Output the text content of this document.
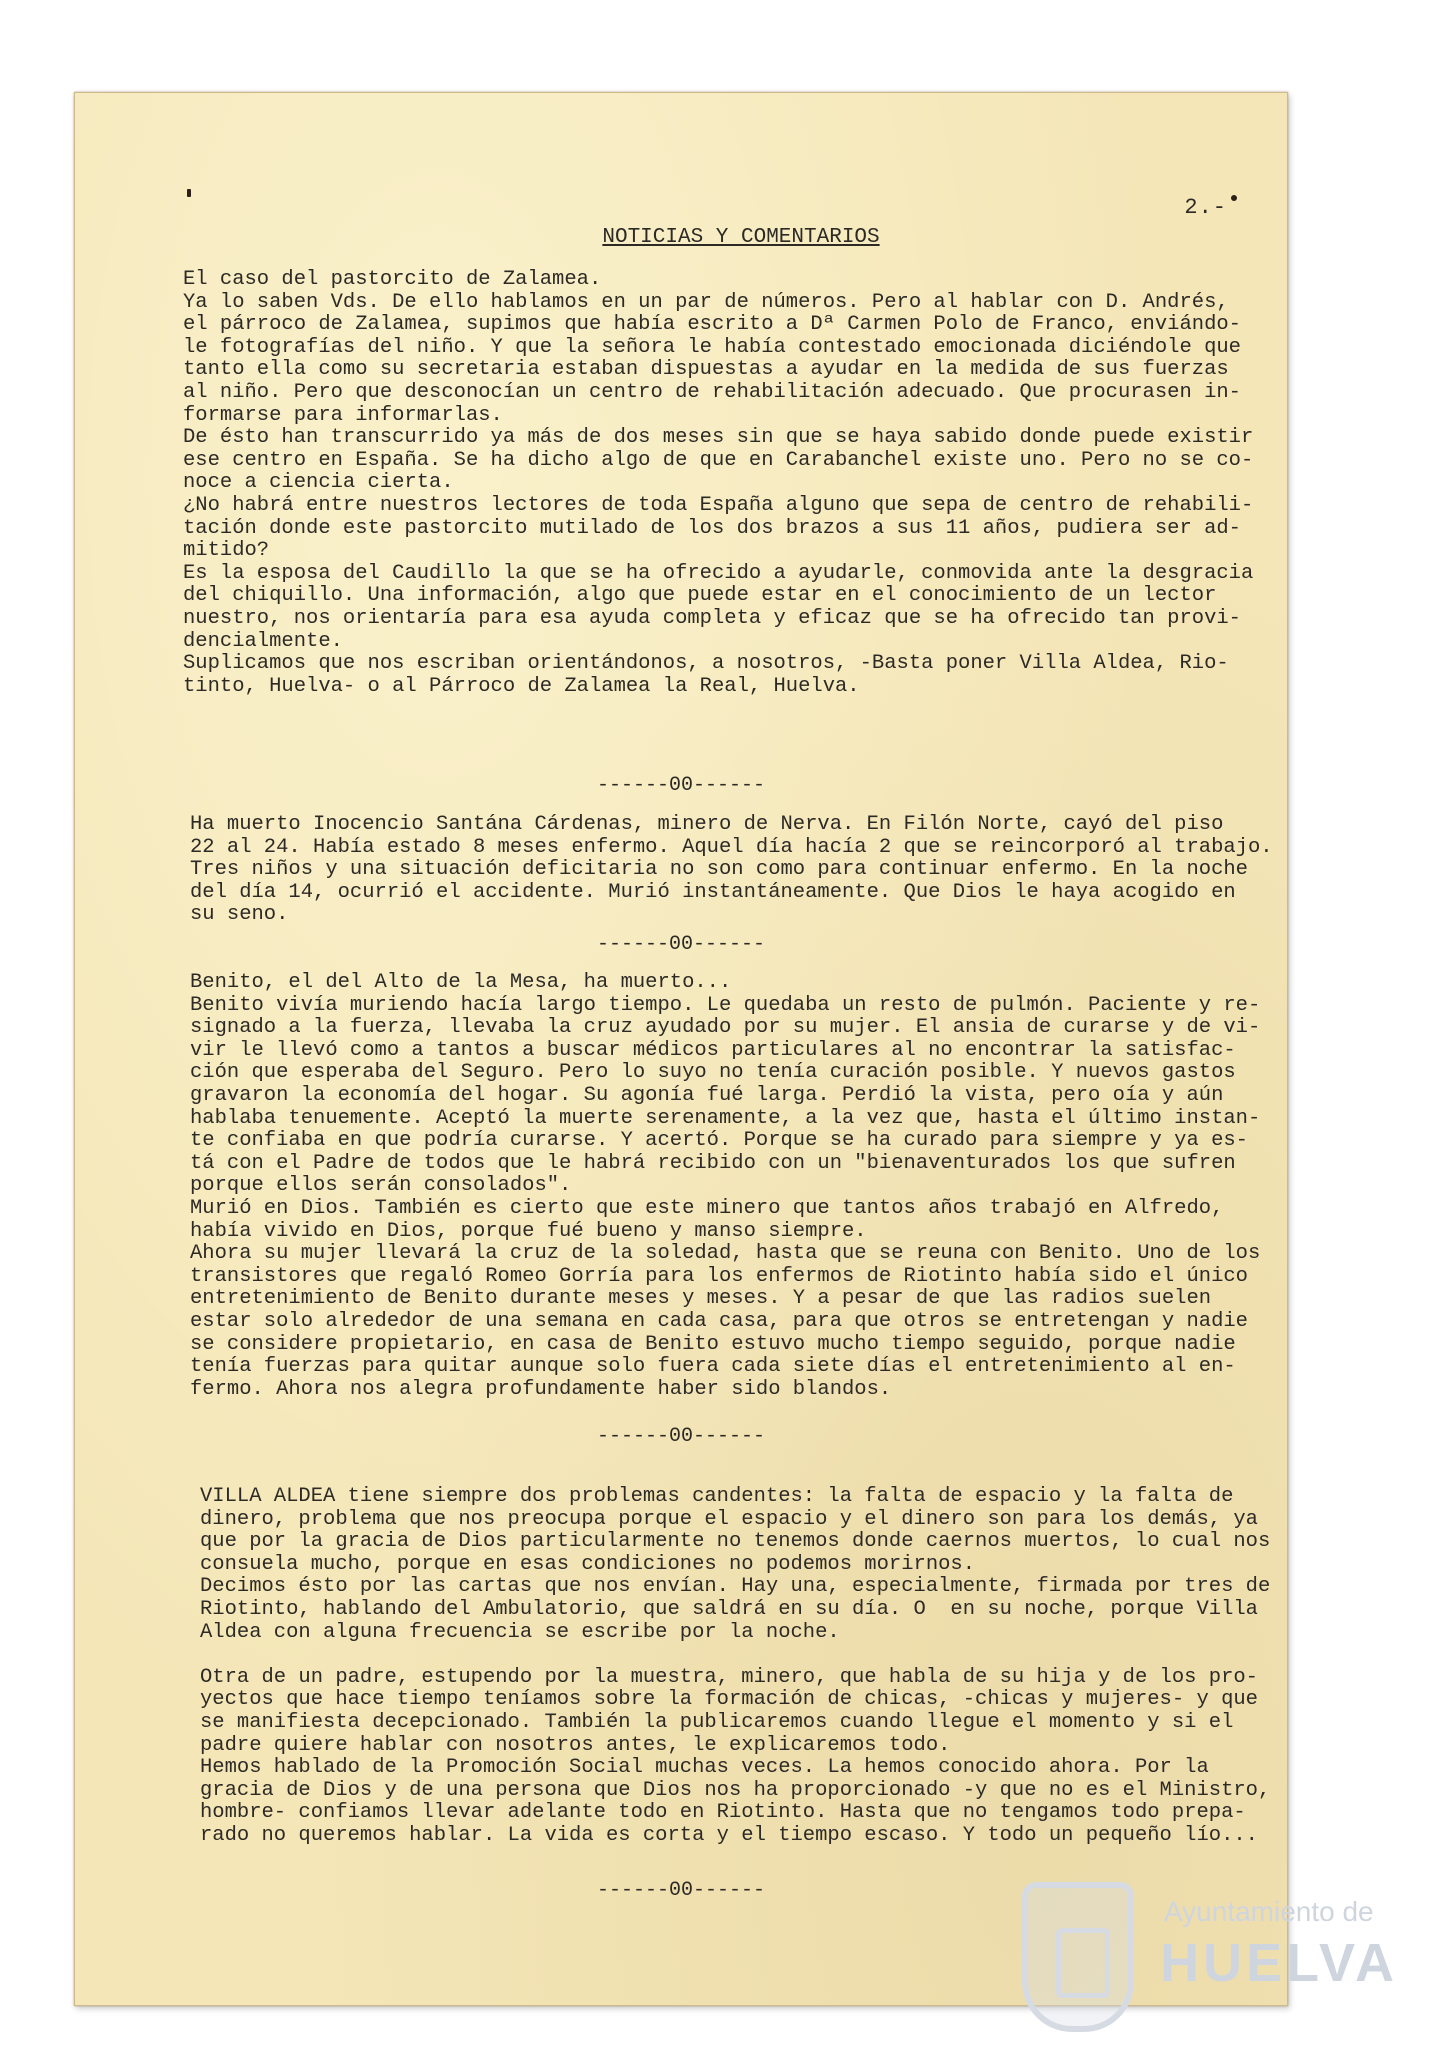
2.-
NOTICIAS Y COMENTARIOS

El caso del pastorcito de Zalamea.

Ya lo saben Vds. De ello hablamos en un par de números. Pero al hablar con D. Andrés,

el párroco de Zalamea, supimos que había escrito a Dª Carmen Polo de Franco, enviándo-

le fotografías del niño. Y que la señora le había contestado emocionada diciéndole que

tanto ella como su secretaria estaban dispuestas a ayudar en la medida de sus fuerzas

al niño. Pero que desconocían un centro de rehabilitación adecuado. Que procurasen in-

formarse para informarlas.

De ésto han transcurrido ya más de dos meses sin que se haya sabido donde puede existir

ese centro en España. Se ha dicho algo de que en Carabanchel existe uno. Pero no se co-

noce a ciencia cierta.

¿No habrá entre nuestros lectores de toda España alguno que sepa de centro de rehabili-

tación donde este pastorcito mutilado de los dos brazos a sus 11 años, pudiera ser ad-

mitido?

Es la esposa del Caudillo la que se ha ofrecido a ayudarle, conmovida ante la desgracia

del chiquillo. Una información, algo que puede estar en el conocimiento de un lector

nuestro, nos orientaría para esa ayuda completa y eficaz que se ha ofrecido tan provi-

dencialmente.

Suplicamos que nos escriban orientándonos, a nosotros, -Basta poner Villa Aldea, Rio-

tinto, Huelva- o al Párroco de Zalamea la Real, Huelva.

------00------

Ha muerto Inocencio Santána Cárdenas, minero de Nerva. En Filón Norte, cayó del piso

22 al 24. Había estado 8 meses enfermo. Aquel día hacía 2 que se reincorporó al trabajo.

Tres niños y una situación deficitaria no son como para continuar enfermo. En la noche

del día 14, ocurrió el accidente. Murió instantáneamente. Que Dios le haya acogido en

su seno.

------00------

Benito, el del Alto de la Mesa, ha muerto...

Benito vivía muriendo hacía largo tiempo. Le quedaba un resto de pulmón. Paciente y re-

signado a la fuerza, llevaba la cruz ayudado por su mujer. El ansia de curarse y de vi-

vir le llevó como a tantos a buscar médicos particulares al no encontrar la satisfac-

ción que esperaba del Seguro. Pero lo suyo no tenía curación posible. Y nuevos gastos

gravaron la economía del hogar. Su agonía fué larga. Perdió la vista, pero oía y aún

hablaba tenuemente. Aceptó la muerte serenamente, a la vez que, hasta el último instan-

te confiaba en que podría curarse. Y acertó. Porque se ha curado para siempre y ya es-

tá con el Padre de todos que le habrá recibido con un "bienaventurados los que sufren

porque ellos serán consolados".

Murió en Dios. También es cierto que este minero que tantos años trabajó en Alfredo,

había vivido en Dios, porque fué bueno y manso siempre.

Ahora su mujer llevará la cruz de la soledad, hasta que se reuna con Benito. Uno de los

transistores que regaló Romeo Gorría para los enfermos de Riotinto había sido el único

entretenimiento de Benito durante meses y meses. Y a pesar de que las radios suelen

estar solo alrededor de una semana en cada casa, para que otros se entretengan y nadie

se considere propietario, en casa de Benito estuvo mucho tiempo seguido, porque nadie

tenía fuerzas para quitar aunque solo fuera cada siete días el entretenimiento al en-

fermo. Ahora nos alegra profundamente haber sido blandos.

------00------

VILLA ALDEA tiene siempre dos problemas candentes: la falta de espacio y la falta de

dinero, problema que nos preocupa porque el espacio y el dinero son para los demás, ya

que por la gracia de Dios particularmente no tenemos donde caernos muertos, lo cual nos

consuela mucho, porque en esas condiciones no podemos morirnos.

Decimos ésto por las cartas que nos envían. Hay una, especialmente, firmada por tres de

Riotinto, hablando del Ambulatorio, que saldrá en su día. O  en su noche, porque Villa

Aldea con alguna frecuencia se escribe por la noche.

Otra de un padre, estupendo por la muestra, minero, que habla de su hija y de los pro-

yectos que hace tiempo teníamos sobre la formación de chicas, -chicas y mujeres- y que

se manifiesta decepcionado. También la publicaremos cuando llegue el momento y si el

padre quiere hablar con nosotros antes, le explicaremos todo.

Hemos hablado de la Promoción Social muchas veces. La hemos conocido ahora. Por la

gracia de Dios y de una persona que Dios nos ha proporcionado -y que no es el Ministro,

hombre- confiamos llevar adelante todo en Riotinto. Hasta que no tengamos todo prepa-

rado no queremos hablar. La vida es corta y el tiempo escaso. Y todo un pequeño lío...

------00------
Ayuntamiento de
HUELVA
